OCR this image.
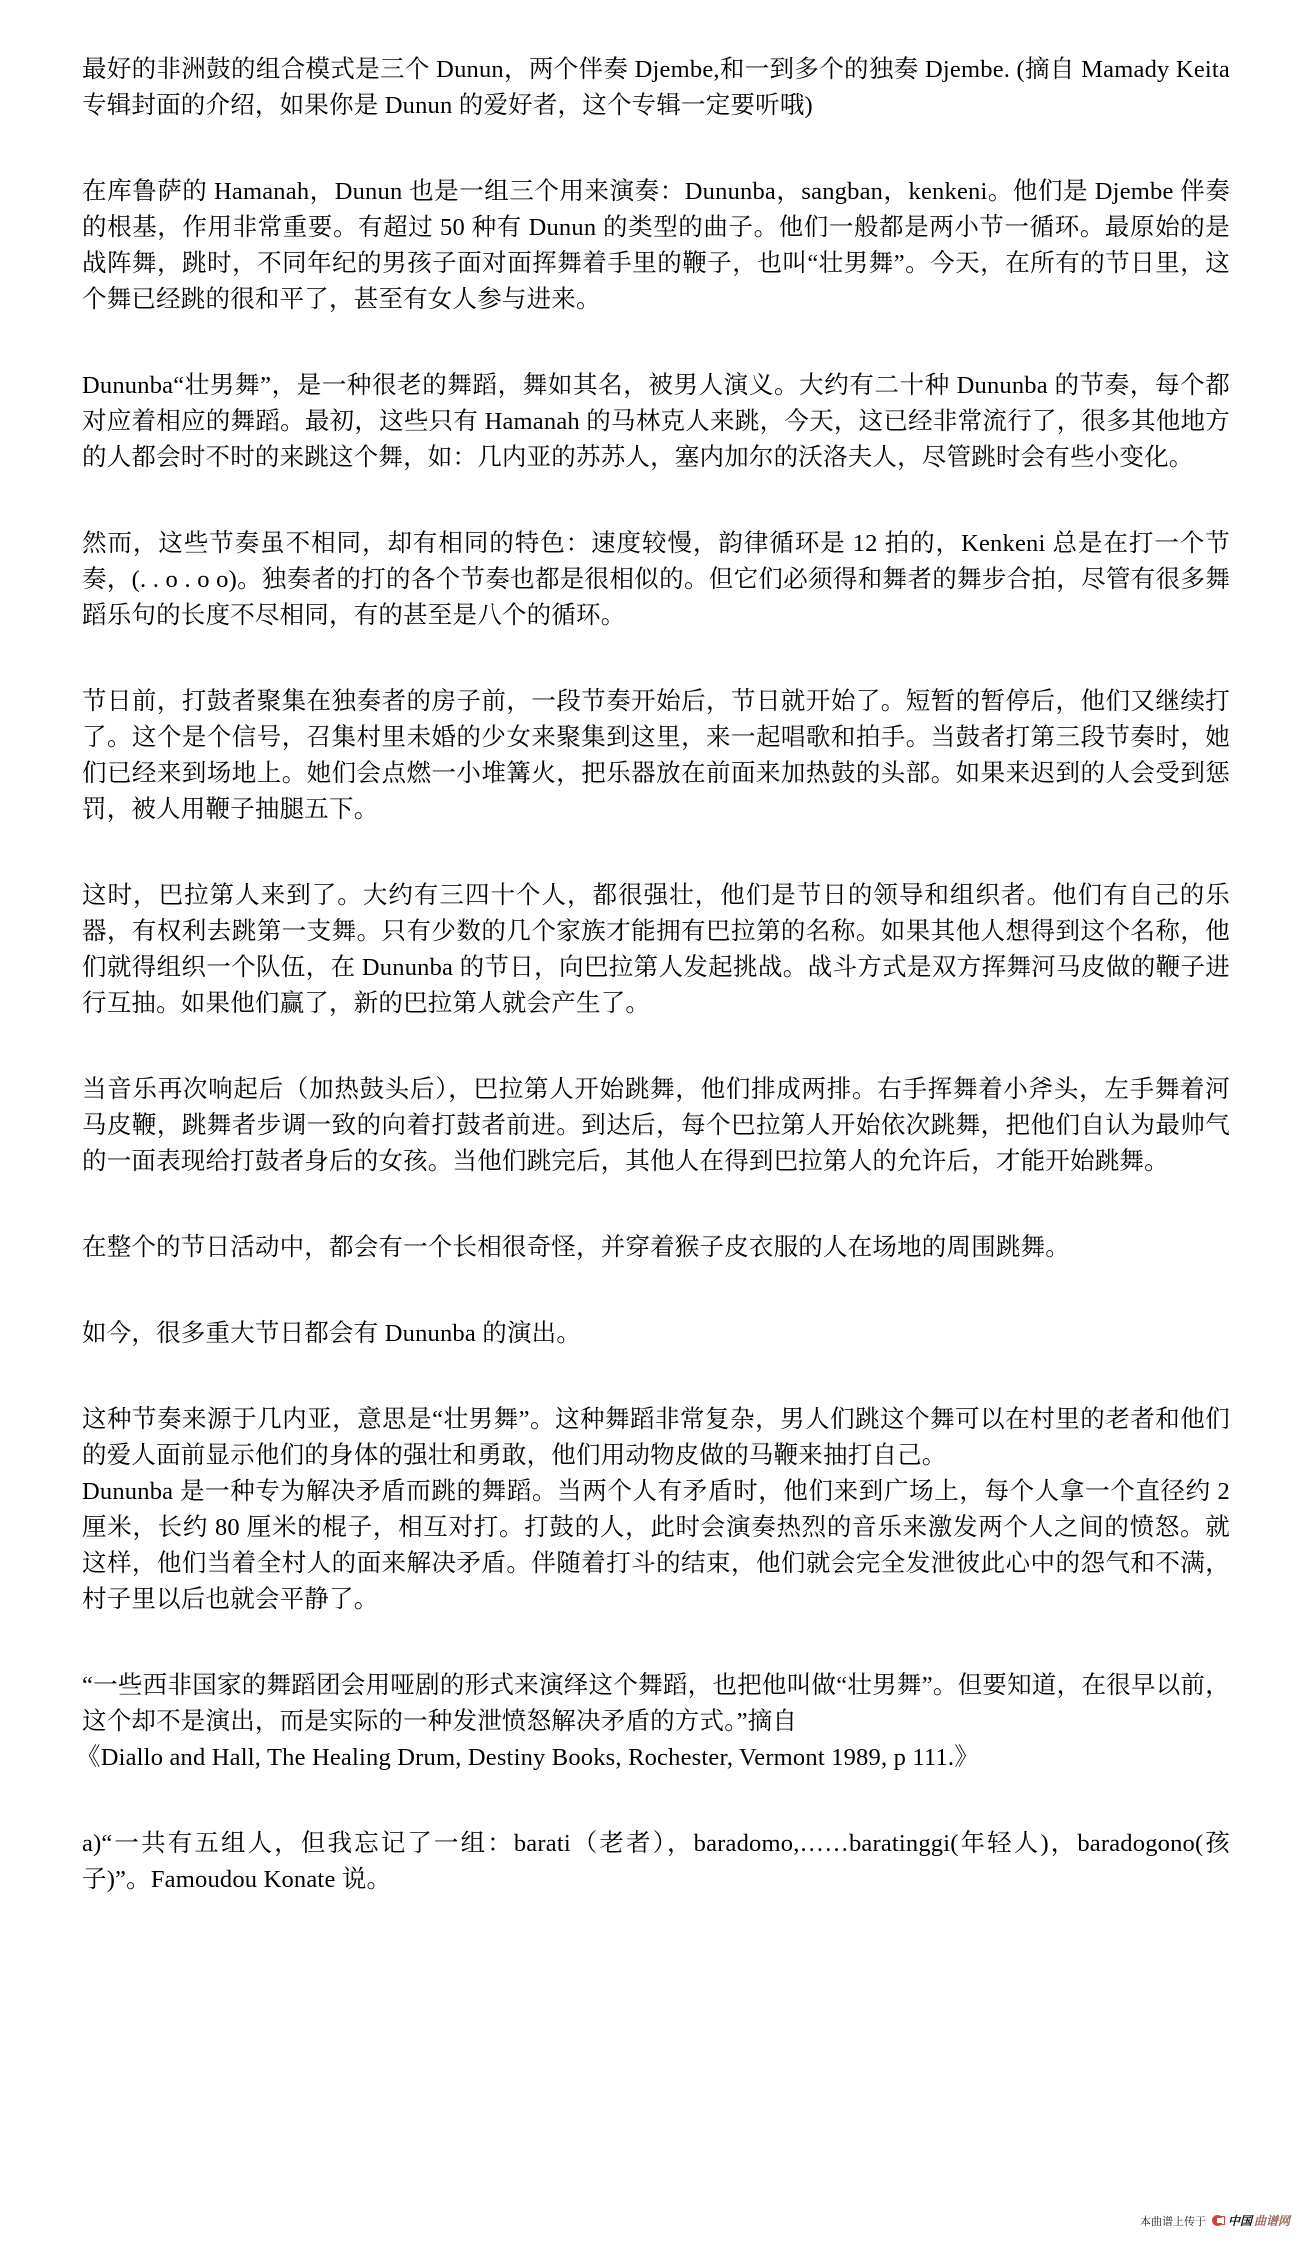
最好的非洲鼓的组合模式是三个 Dunun，两个伴奏 Djembe,和一到多个的独奏 Djembe. (摘自 Mamady Keita 专辑封面的介绍，如果你是 Dunun 的爱好者，这个专辑一定要听哦)

在库鲁萨的 Hamanah，Dunun 也是一组三个用来演奏：Dununba，sangban，kenkeni。他们是 Djembe 伴奏的根基，作用非常重要。有超过 50 种有 Dunun 的类型的曲子。他们一般都是两小节一循环。最原始的是战阵舞，跳时，不同年纪的男孩子面对面挥舞着手里的鞭子，也叫“壮男舞”。今天，在所有的节日里，这个舞已经跳的很和平了，甚至有女人参与进来。

Dununba“壮男舞”，是一种很老的舞蹈，舞如其名，被男人演义。大约有二十种 Dununba 的节奏，每个都对应着相应的舞蹈。最初，这些只有 Hamanah 的马林克人来跳，今天，这已经非常流行了，很多其他地方的人都会时不时的来跳这个舞，如：几内亚的苏苏人，塞内加尔的沃洛夫人，尽管跳时会有些小变化。

然而，这些节奏虽不相同，却有相同的特色：速度较慢，韵律循环是 12 拍的，Kenkeni 总是在打一个节奏，(. . o . o o)。独奏者的打的各个节奏也都是很相似的。但它们必须得和舞者的舞步合拍，尽管有很多舞蹈乐句的长度不尽相同，有的甚至是八个的循环。

节日前，打鼓者聚集在独奏者的房子前，一段节奏开始后，节日就开始了。短暂的暂停后，他们又继续打了。这个是个信号，召集村里未婚的少女来聚集到这里，来一起唱歌和拍手。当鼓者打第三段节奏时，她们已经来到场地上。她们会点燃一小堆篝火，把乐器放在前面来加热鼓的头部。如果来迟到的人会受到惩罚，被人用鞭子抽腿五下。

这时，巴拉第人来到了。大约有三四十个人，都很强壮，他们是节日的领导和组织者。他们有自己的乐器，有权利去跳第一支舞。只有少数的几个家族才能拥有巴拉第的名称。如果其他人想得到这个名称，他们就得组织一个队伍，在 Dununba 的节日，向巴拉第人发起挑战。战斗方式是双方挥舞河马皮做的鞭子进行互抽。如果他们赢了，新的巴拉第人就会产生了。

当音乐再次响起后（加热鼓头后），巴拉第人开始跳舞，他们排成两排。右手挥舞着小斧头，左手舞着河马皮鞭，跳舞者步调一致的向着打鼓者前进。到达后，每个巴拉第人开始依次跳舞，把他们自认为最帅气的一面表现给打鼓者身后的女孩。当他们跳完后，其他人在得到巴拉第人的允许后，才能开始跳舞。

在整个的节日活动中，都会有一个长相很奇怪，并穿着猴子皮衣服的人在场地的周围跳舞。

如今，很多重大节日都会有 Dununba 的演出。

这种节奏来源于几内亚，意思是“壮男舞”。这种舞蹈非常复杂，男人们跳这个舞可以在村里的老者和他们的爱人面前显示他们的身体的强壮和勇敢，他们用动物皮做的马鞭来抽打自己。

Dununba 是一种专为解决矛盾而跳的舞蹈。当两个人有矛盾时，他们来到广场上，每个人拿一个直径约 2 厘米，长约 80 厘米的棍子，相互对打。打鼓的人，此时会演奏热烈的音乐来激发两个人之间的愤怒。就这样，他们当着全村人的面来解决矛盾。伴随着打斗的结束，他们就会完全发泄彼此心中的怨气和不满，村子里以后也就会平静了。

“一些西非国家的舞蹈团会用哑剧的形式来演绎这个舞蹈，也把他叫做“壮男舞”。但要知道，在很早以前，这个却不是演出，而是实际的一种发泄愤怒解决矛盾的方式。”摘自

《Diallo and Hall, The Healing Drum, Destiny Books, Rochester, Vermont 1989, p 111.》

a)“一共有五组人，但我忘记了一组：barati（老者），baradomo,……baratinggi(年轻人)，baradogono(孩子)”。Famoudou Konate 说。

本曲谱上传于 中国 曲谱网
